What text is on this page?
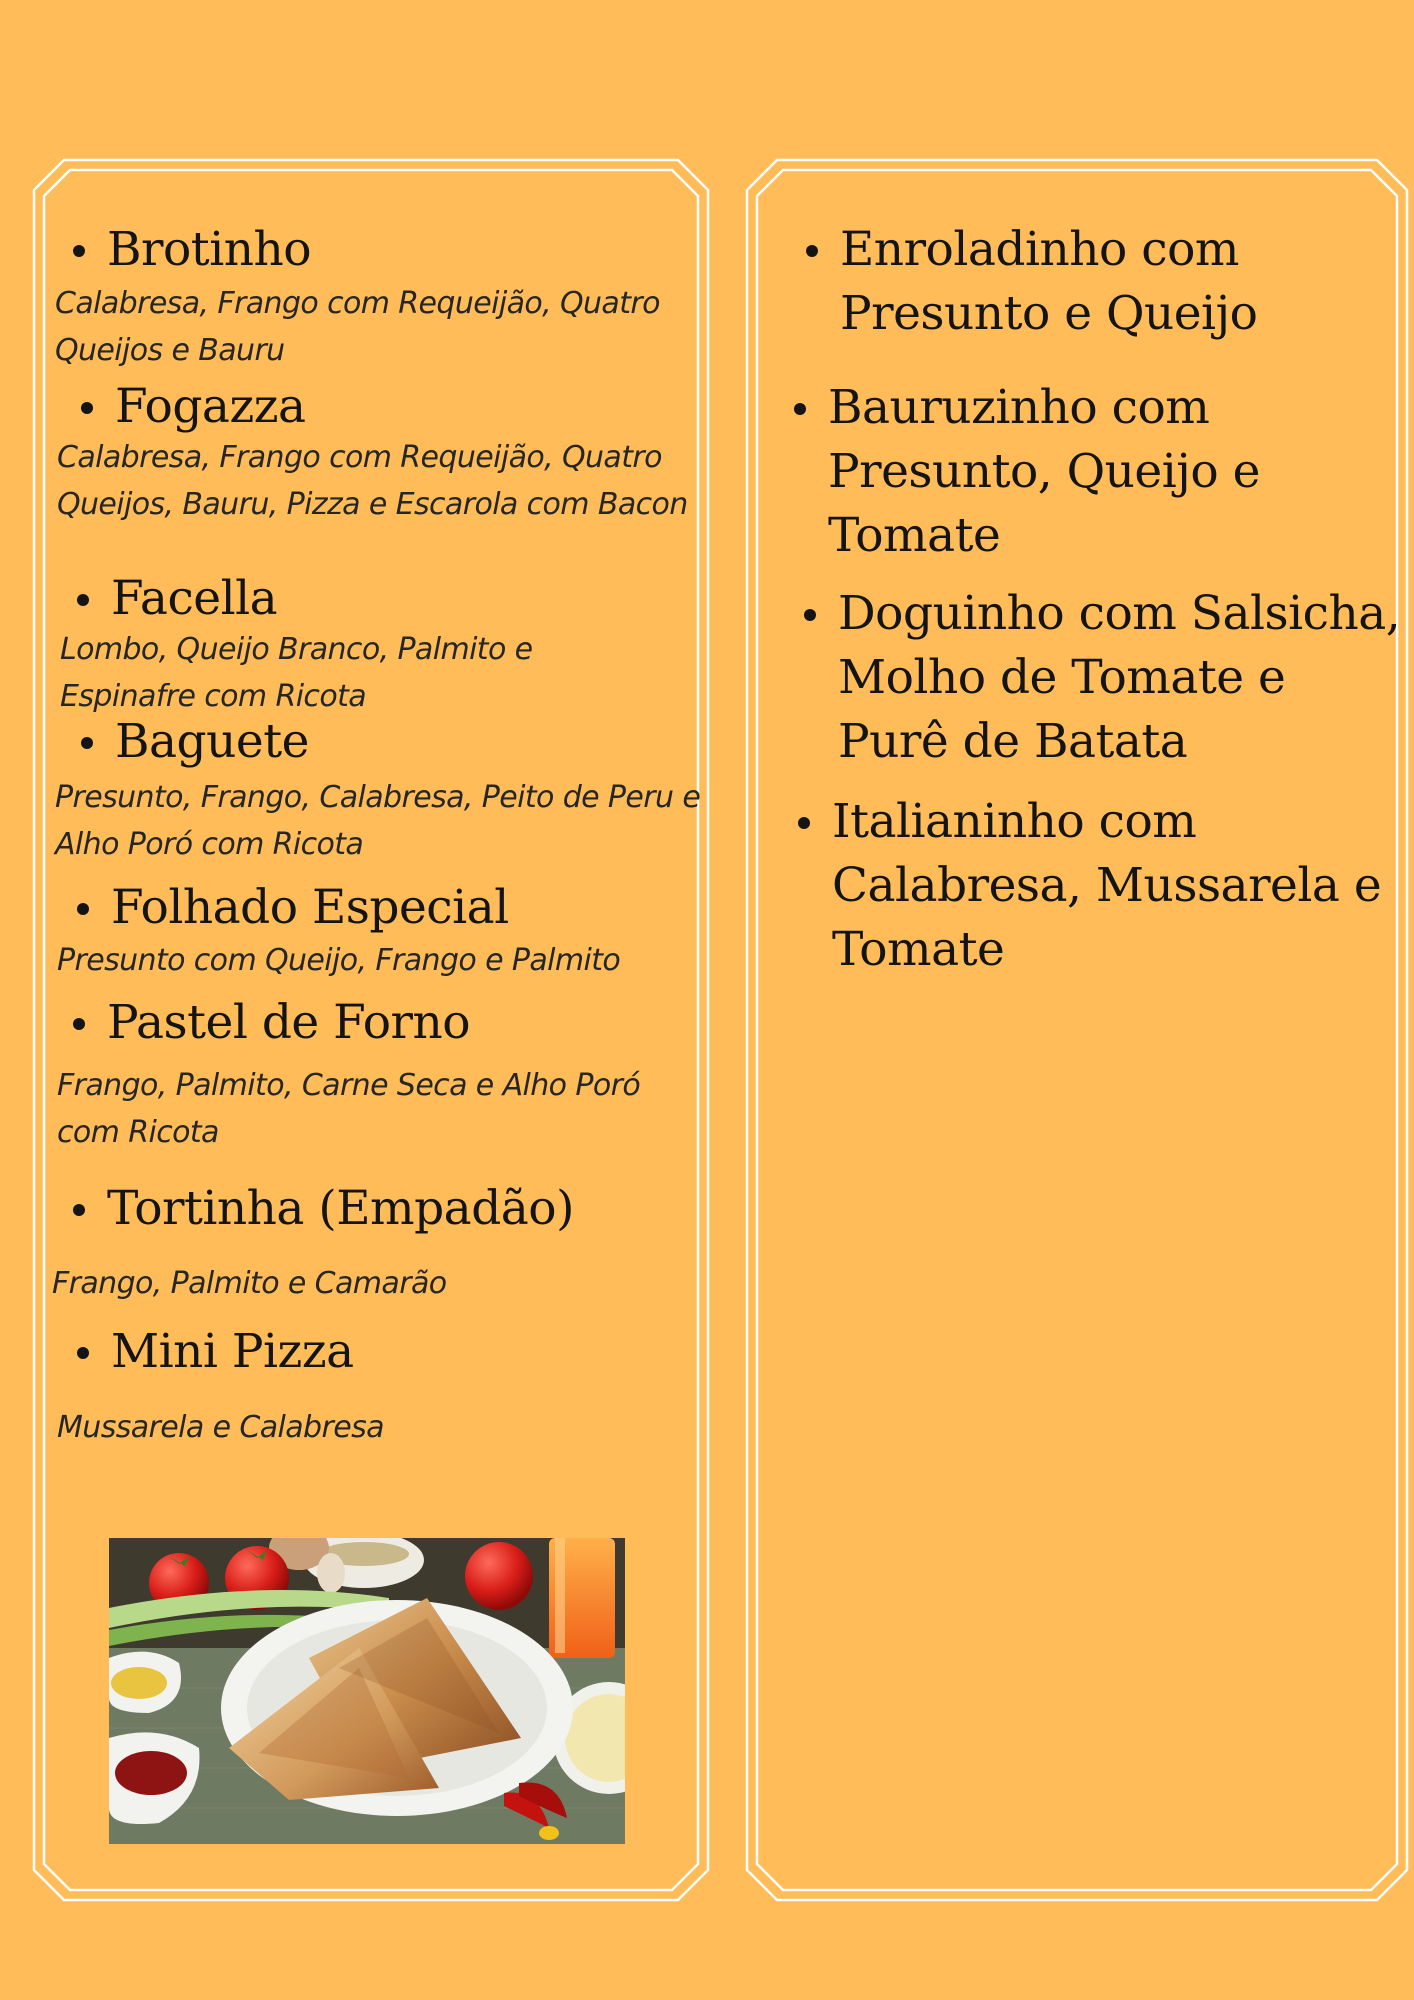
Brotinho
Calabresa, Frango com Requeijão, Quatro Queijos e Bauru
Fogazza
Calabresa, Frango com Requeijão, Quatro Queijos, Bauru, Pizza e Escarola com Bacon
Facella
Lombo, Queijo Branco, Palmito e Espinafre com Ricota
Baguete
Presunto, Frango, Calabresa, Peito de Peru e Alho Poró com Ricota
Folhado Especial
Presunto com Queijo, Frango e Palmito
Pastel de Forno
Frango, Palmito, Carne Seca e Alho Poró com Ricota
Tortinha (Empadão)
Frango, Palmito e Camarão
Mini Pizza
Mussarela e Calabresa
Enroladinho com Presunto e Queijo
Bauruzinho com Presunto, Queijo e Tomate
Doguinho com Salsicha, Molho de Tomate e Purê de Batata
Italianinho com Calabresa, Mussarela e Tomate
